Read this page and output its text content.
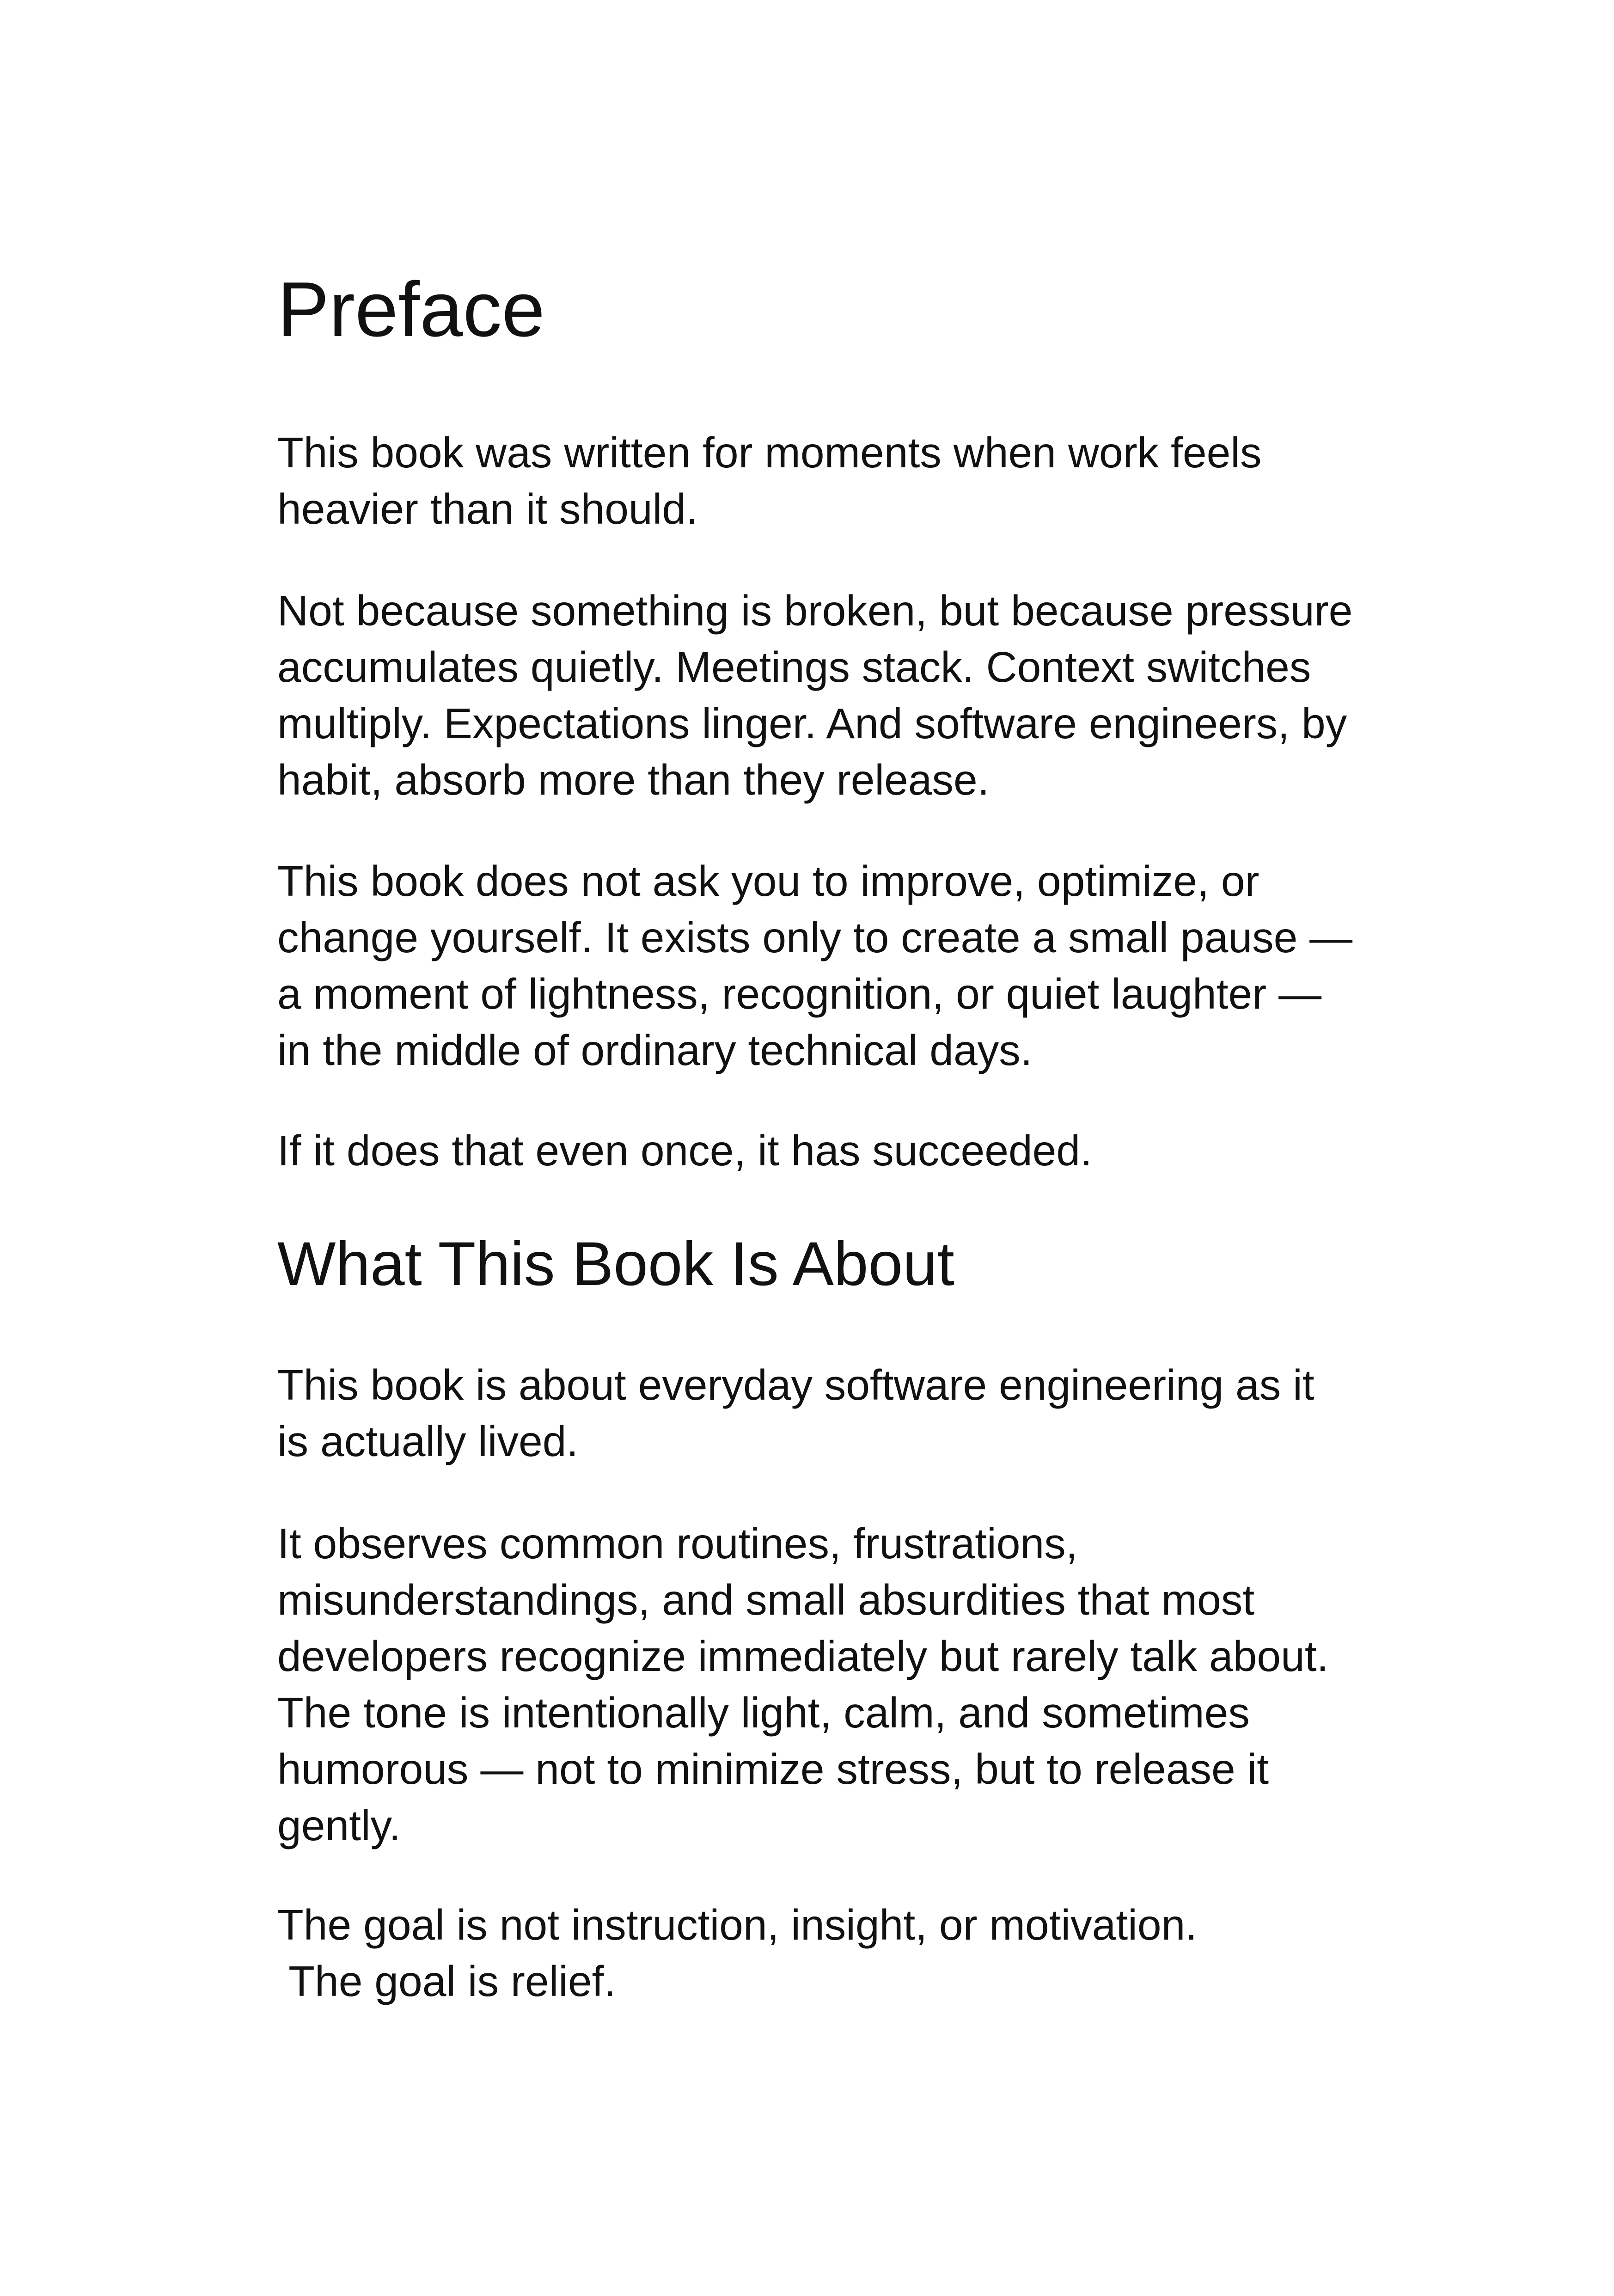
Preface
This book was written for moments when work feels
heavier than it should.
Not because something is broken, but because pressure
accumulates quietly. Meetings stack. Context switches
multiply. Expectations linger. And software engineers, by
habit, absorb more than they release.
This book does not ask you to improve, optimize, or
change yourself. It exists only to create a small pause —
a moment of lightness, recognition, or quiet laughter —
in the middle of ordinary technical days.
If it does that even once, it has succeeded.
What This Book Is About
This book is about everyday software engineering as it
is actually lived.
It observes common routines, frustrations,
misunderstandings, and small absurdities that most
developers recognize immediately but rarely talk about.
The tone is intentionally light, calm, and sometimes
humorous — not to minimize stress, but to release it
gently.
The goal is not instruction, insight, or motivation.
The goal is relief.
